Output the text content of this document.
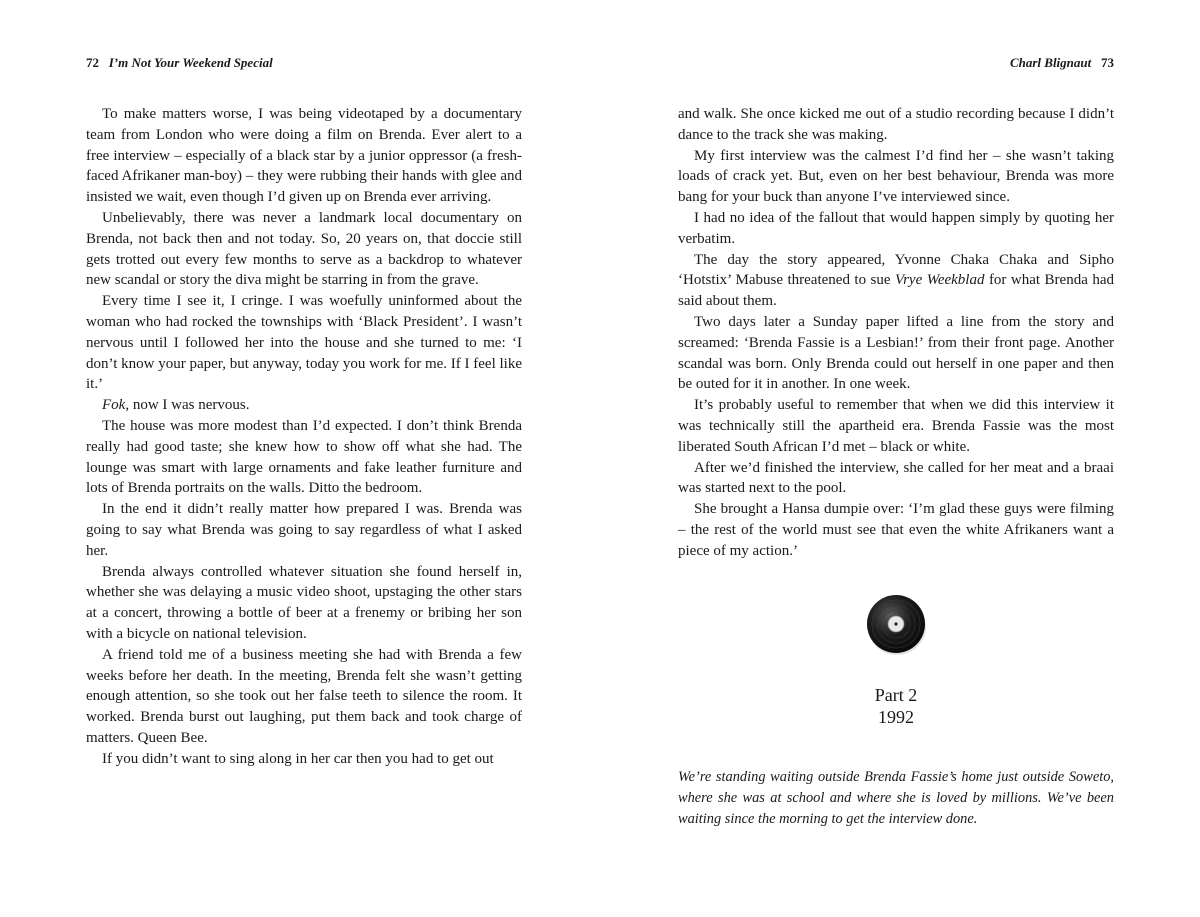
72 I’m Not Your Weekend Special

To make matters worse, I was being videotaped by a documentary team from London who were doing a film on Brenda. Ever alert to a free interview – especially of a black star by a junior oppressor (a fresh-faced Afrikaner man-boy) – they were rubbing their hands with glee and insisted we wait, even though I’d given up on Brenda ever arriving.

Unbelievably, there was never a landmark local documentary on Brenda, not back then and not today. So, 20 years on, that doccie still gets trotted out every few months to serve as a backdrop to whatever new scandal or story the diva might be starring in from the grave.

Every time I see it, I cringe. I was woefully uninformed about the woman who had rocked the townships with ‘Black President’. I wasn’t nervous until I followed her into the house and she turned to me: ‘I don’t know your paper, but anyway, today you work for me. If I feel like it.’

Fok, now I was nervous.

The house was more modest than I’d expected. I don’t think Brenda really had good taste; she knew how to show off what she had. The lounge was smart with large ornaments and fake leather furniture and lots of Brenda portraits on the walls. Ditto the bedroom.

In the end it didn’t really matter how prepared I was. Brenda was going to say what Brenda was going to say regardless of what I asked her.

Brenda always controlled whatever situation she found herself in, whether she was delaying a music video shoot, upstaging the other stars at a concert, throwing a bottle of beer at a frenemy or bribing her son with a bicycle on national television.

A friend told me of a business meeting she had with Brenda a few weeks before her death. In the meeting, Brenda felt she wasn’t getting enough attention, so she took out her false teeth to silence the room. It worked. Brenda burst out laughing, put them back and took charge of matters. Queen Bee.

If you didn’t want to sing along in her car then you had to get out

Charl Blignaut 73

and walk. She once kicked me out of a studio recording because I didn’t dance to the track she was making.

My first interview was the calmest I’d find her – she wasn’t taking loads of crack yet. But, even on her best behaviour, Brenda was more bang for your buck than anyone I’ve interviewed since.

I had no idea of the fallout that would happen simply by quoting her verbatim.

The day the story appeared, Yvonne Chaka Chaka and Sipho ‘Hotstix’ Mabuse threatened to sue Vrye Weekblad for what Brenda had said about them.

Two days later a Sunday paper lifted a line from the story and screamed: ‘Brenda Fassie is a Lesbian!’ from their front page. Another scandal was born. Only Brenda could out herself in one paper and then be outed for it in another. In one week.

It’s probably useful to remember that when we did this interview it was technically still the apartheid era. Brenda Fassie was the most liberated South African I’d met – black or white.

After we’d finished the interview, she called for her meat and a braai was started next to the pool.

She brought a Hansa dumpie over: ‘I’m glad these guys were filming – the rest of the world must see that even the white Afrikaners want a piece of my action.’

Part 2
1992
We’re standing waiting outside Brenda Fassie’s home just outside Soweto, where she was at school and where she is loved by millions. We’ve been waiting since the morning to get the interview done.
